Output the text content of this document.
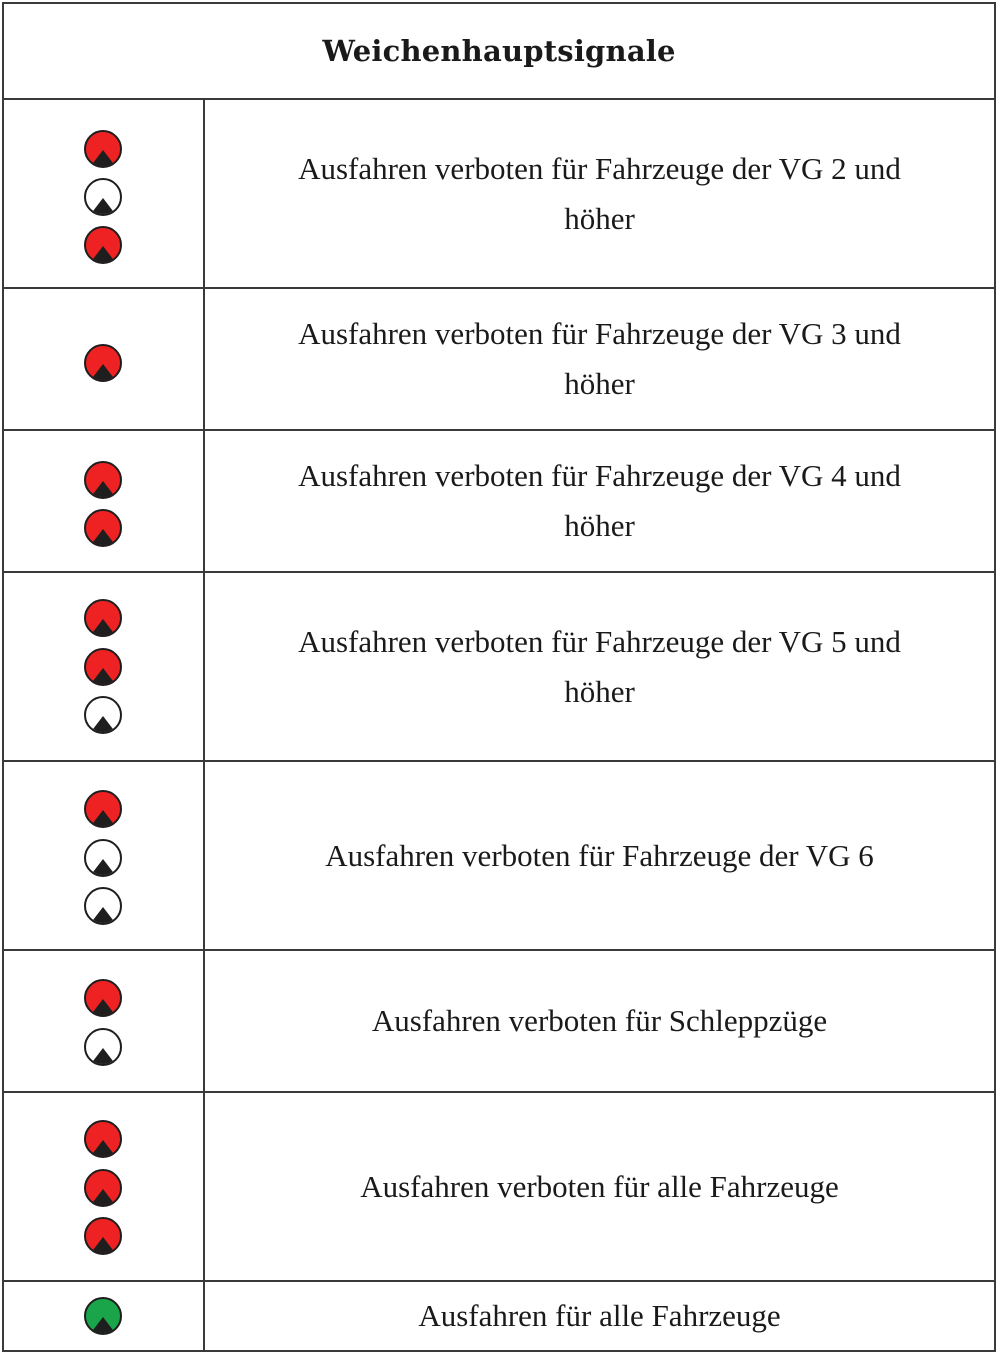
Weichenhauptsignale
Ausfahren verboten für Fahrzeuge der VG 2 und höher
Ausfahren verboten für Fahrzeuge der VG 3 und höher
Ausfahren verboten für Fahrzeuge der VG 4 und höher
Ausfahren verboten für Fahrzeuge der VG 5 und höher
Ausfahren verboten für Fahrzeuge der VG 6
Ausfahren verboten für Schleppzüge
Ausfahren verboten für alle Fahrzeuge
Ausfahren für alle Fahrzeuge
